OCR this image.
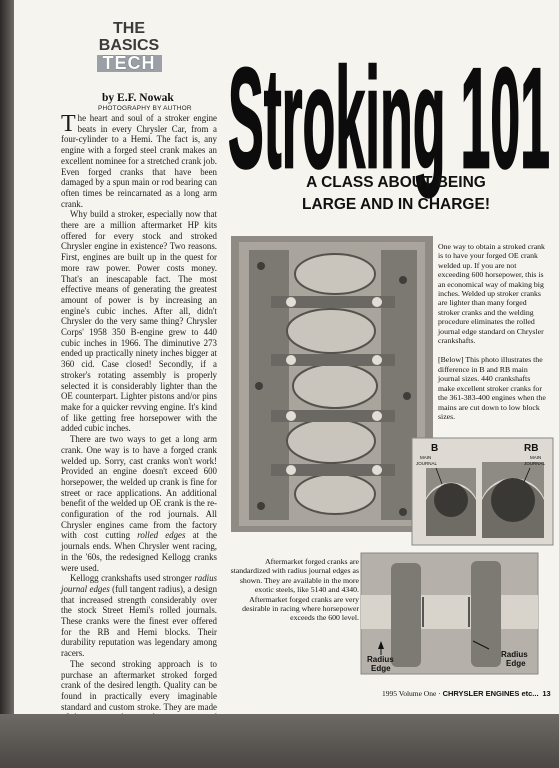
THE
BASICS
TECH
by E.F. Nowak
PHOTOGRAPHY BY AUTHOR

The heart and soul of a stroker engine beats in every Chrysler Car, from a four-cylinder to a Hemi. The fact is, any engine with a forged steel crank makes an excellent nominee for a stretched crank job. Even forged cranks that have been damaged by a spun main or rod bearing can often times be reincarnated as a long arm crank.

Why build a stroker, especially now that there are a million aftermarket HP kits offered for every stock and stroked Chrysler engine in existence? Two reasons. First, engines are built up in the quest for more raw power. Power costs money. That's an inescapable fact. The most effective means of generating the greatest amount of power is by increasing an engine's cubic inches. After all, didn't Chrysler do the very same thing? Chrysler Corps' 1958 350 B-engine grew to 440 cubic inches in 1966. The diminutive 273 ended up practically ninety inches bigger at 360 cid. Case closed! Secondly, if a stroker's rotating assembly is properly selected it is considerably lighter than the OE counterpart. Lighter pistons and/or pins make for a quicker revving engine. It's kind of like getting free horsepower with the added cubic inches.

There are two ways to get a long arm crank. One way is to have a forged crank welded up. Sorry, cast cranks won't work! Provided an engine doesn't exceed 600 horsepower, the welded up crank is fine for street or race applications. An additional benefit of the welded up OE crank is the re-configuration of the rod journals. All Chrysler engines came from the factory with cost cutting rolled edges at the journals ends. When Chrysler went racing, in the '60s, the redesigned Kellogg cranks were used.

Kellogg crankshafts used stronger radius journal edges (full tangent radius), a design that increased strength considerably over the stock Street Hemi's rolled journals. These cranks were the finest ever offered for the RB and Hemi blocks. Their durability reputation was legendary among racers.

The second stroking approach is to purchase an aftermarket stroked forged crank of the desired length. Quality can be found in practically every imaginable standard and custom stroke. They are made

Stroking 101
A CLASS ABOUT BEING
LARGE AND IN CHARGE!
One way to obtain a stroked crank is to have your forged OE crank welded up. If you are not exceeding 600 horsepower, this is an economical way of making big inches. Welded up stroker cranks are lighter than many forged stroker cranks and the welding procedure eliminates the rolled journal edge standard on Chrysler crankshafts.
[Below] This photo illustrates the difference in B and RB main journal sizes. 440 crankshafts make excellent stroker cranks for the 361-383-400 engines when the mains are cut down to low block sizes.
B
MAIN
JOURNAL
RB
MAIN
JOURNAL
Aftermarket forged cranks are standardized with radius journal edges as shown. They are available in the more exotic steels, like 5140 and 4340. Aftermarket forged cranks are very desirable in racing where horsepower exceeds the 600 level.
Radius
Edge
Radius
Edge
1995 Volume One · CHRYSLER ENGINES etc... 13
